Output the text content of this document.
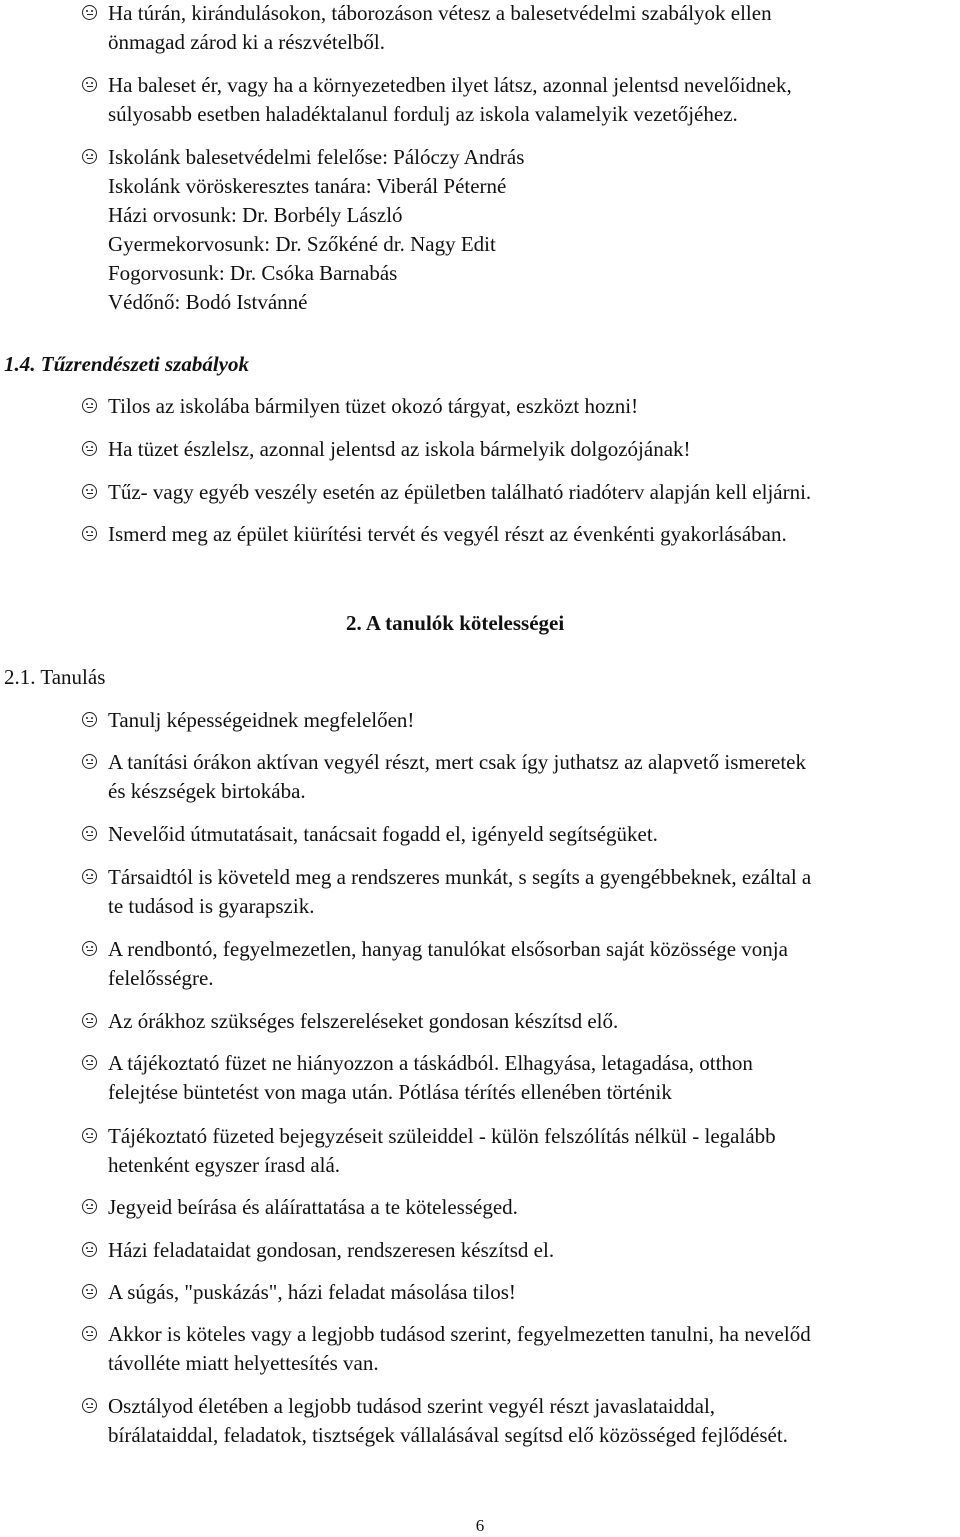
Ha túrán, kirándulásokon, táborozáson vétesz a balesetvédelmi szabályok ellen
önmagad zárod ki a részvételből.
Ha baleset ér, vagy ha a környezetedben ilyet látsz, azonnal jelentsd nevelőidnek,
súlyosabb esetben haladéktalanul fordulj az iskola valamelyik vezetőjéhez.
Iskolánk balesetvédelmi felelőse: Pálóczy András
Iskolánk vöröskeresztes tanára: Viberál Péterné
Házi orvosunk: Dr. Borbély László
Gyermekorvosunk: Dr. Szőkéné dr. Nagy Edit
Fogorvosunk: Dr. Csóka Barnabás
Védőnő: Bodó Istvánné
1.4. Tűzrendészeti szabályok
Tilos az iskolába bármilyen tüzet okozó tárgyat, eszközt hozni!
Ha tüzet észlelsz, azonnal jelentsd az iskola bármelyik dolgozójának!
Tűz- vagy egyéb veszély esetén az épületben található riadóterv alapján kell eljárni.
Ismerd meg az épület kiürítési tervét és vegyél részt az évenkénti gyakorlásában.
2. A tanulók kötelességei
2.1. Tanulás
Tanulj képességeidnek megfelelően!
A tanítási órákon aktívan vegyél részt, mert csak így juthatsz az alapvető ismeretek
és készségek birtokába.
Nevelőid útmutatásait, tanácsait fogadd el, igényeld segítségüket.
Társaidtól is követeld meg a rendszeres munkát, s segíts a gyengébbeknek, ezáltal a
te tudásod is gyarapszik.
A rendbontó, fegyelmezetlen, hanyag tanulókat elsősorban saját közössége vonja
felelősségre.
Az órákhoz szükséges felszereléseket gondosan készítsd elő.
A tájékoztató füzet ne hiányozzon a táskádból. Elhagyása, letagadása, otthon
felejtése büntetést von maga után. Pótlása térítés ellenében történik
Tájékoztató füzeted bejegyzéseit szüleiddel - külön felszólítás nélkül - legalább
hetenként egyszer írasd alá.
Jegyeid beírása és aláírattatása a te kötelességed.
Házi feladataidat gondosan, rendszeresen készítsd el.
A súgás, "puskázás", házi feladat másolása tilos!
Akkor is köteles vagy a legjobb tudásod szerint, fegyelmezetten tanulni, ha nevelőd
távolléte miatt helyettesítés van.
Osztályod életében a legjobb tudásod szerint vegyél részt javaslataiddal,
bírálataiddal, feladatok, tisztségek vállalásával segítsd elő közösséged fejlődését.
6
